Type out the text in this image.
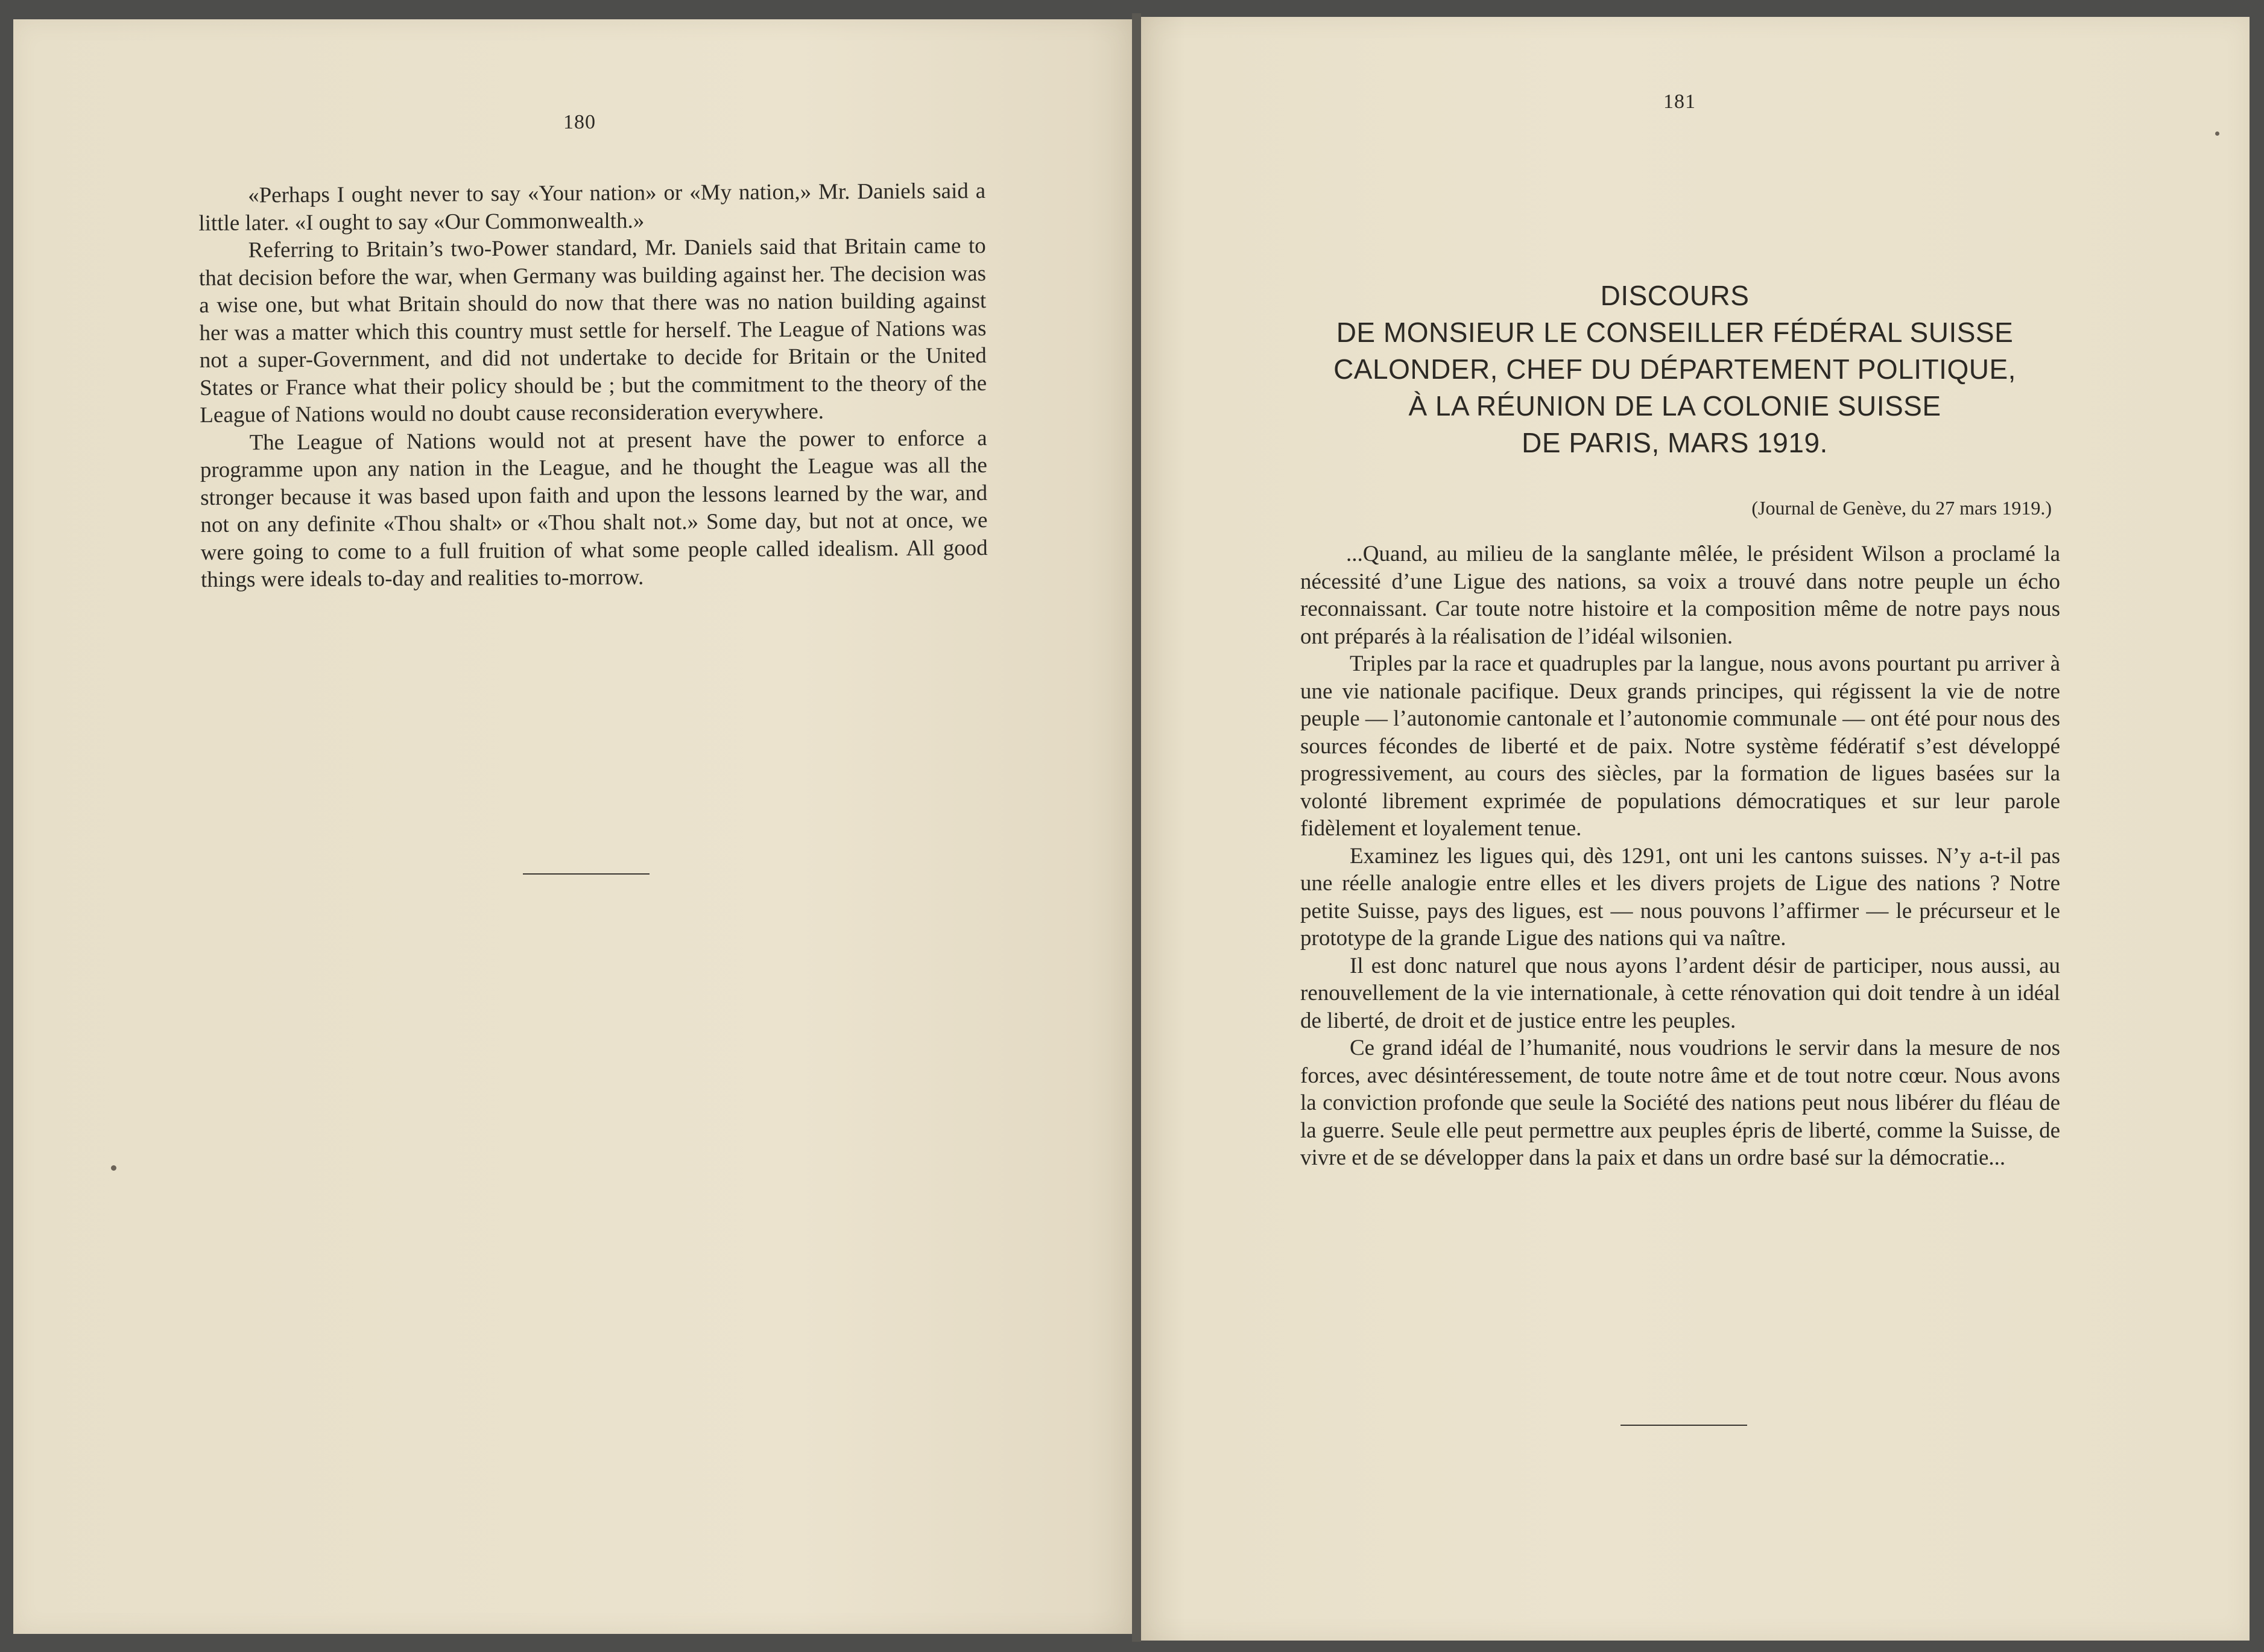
180

«Perhaps I ought never to say «Your nation» or «My nation,» Mr. Daniels said a little later. «I ought to say «Our Commonwealth.»

Referring to Britain’s two-Power standard, Mr. Daniels said that Britain came to that decision before the war, when Germany was building against her. The decision was a wise one, but what Britain should do now that there was no nation building against her was a matter which this country must settle for herself. The League of Nations was not a super-Government, and did not undertake to decide for Britain or the United States or France what their policy should be ; but the commitment to the theory of the League of Nations would no doubt cause reconsideration everywhere.

The League of Nations would not at present have the power to enforce a programme upon any nation in the League, and he thought the League was all the stronger because it was based upon faith and upon the lessons learned by the war, and not on any definite «Thou shalt» or «Thou shalt not.» Some day, but not at once, we were going to come to a full fruition of what some people called idealism. All good things were ideals to-day and realities to-morrow.

181
DISCOURS
DE MONSIEUR LE CONSEILLER FÉDÉRAL SUISSE
CALONDER, CHEF DU DÉPARTEMENT POLITIQUE,
À LA RÉUNION DE LA COLONIE SUISSE
DE PARIS, MARS 1919.
(Journal de Genève, du 27 mars 1919.)

...Quand, au milieu de la sanglante mêlée, le président Wilson a proclamé la nécessité d’une Ligue des nations, sa voix a trouvé dans notre peuple un écho reconnaissant. Car toute notre histoire et la composition même de notre pays nous ont préparés à la réalisation de l’idéal wilsonien.

Triples par la race et quadruples par la langue, nous avons pourtant pu arriver à une vie nationale pacifique. Deux grands principes, qui régissent la vie de notre peuple — l’autonomie cantonale et l’autonomie communale — ont été pour nous des sources fécondes de liberté et de paix. Notre système fédératif s’est développé progressivement, au cours des siècles, par la formation de ligues basées sur la volonté librement exprimée de populations démocratiques et sur leur parole fidèlement et loyalement tenue.

Examinez les ligues qui, dès 1291, ont uni les cantons suisses. N’y a-t-il pas une réelle analogie entre elles et les divers projets de Ligue des nations ? Notre petite Suisse, pays des ligues, est — nous pouvons l’affirmer — le précurseur et le prototype de la grande Ligue des nations qui va naître.

Il est donc naturel que nous ayons l’ardent désir de participer, nous aussi, au renouvellement de la vie internationale, à cette rénovation qui doit tendre à un idéal de liberté, de droit et de justice entre les peuples.

Ce grand idéal de l’humanité, nous voudrions le servir dans la mesure de nos forces, avec désintéressement, de toute notre âme et de tout notre cœur. Nous avons la conviction profonde que seule la Société des nations peut nous libérer du fléau de la guerre. Seule elle peut permettre aux peuples épris de liberté, comme la Suisse, de vivre et de se développer dans la paix et dans un ordre basé sur la démocratie...
